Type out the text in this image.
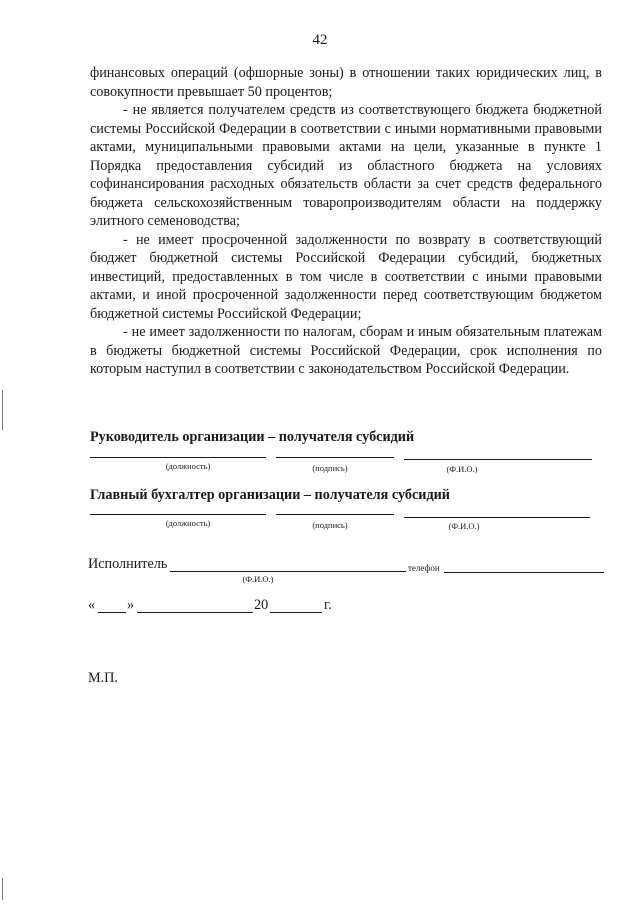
42

финансовых операций (офшорные зоны) в отношении таких юридических лиц, в совокупности превышает 50 процентов;

- не является получателем средств из соответствующего бюджета бюджетной системы Российской Федерации в соответствии с иными нормативными правовыми актами, муниципальными правовыми актами на цели, указанные в пункте 1 Порядка предоставления субсидий из областного бюджета на условиях софинансирования расходных обязательств области за счет средств федерального бюджета сельскохозяйственным товаропроизводителям области на поддержку элитного семеноводства;

- не имеет просроченной задолженности по возврату в соответствующий бюджет бюджетной системы Российской Федерации субсидий, бюджетных инвестиций, предоставленных в том числе в соответствии с иными правовыми актами, и иной просроченной задолженности перед соответствующим бюджетом бюджетной системы Российской Федерации;

- не имеет задолженности по налогам, сборам и иным обязательным платежам в бюджеты бюджетной системы Российской Федерации, срок исполнения по которым наступил в соответствии с законодательством Российской Федерации.

Руководитель организации – получателя субсидий
(должность)	(подпись)	(Ф.И.О.)
Главный бухгалтер организации – получателя субсидий
(должность)	(подпись)	(Ф.И.О.)
Исполнитель	телефон
(Ф.И.О.)
« »	20	г.
М.П.
